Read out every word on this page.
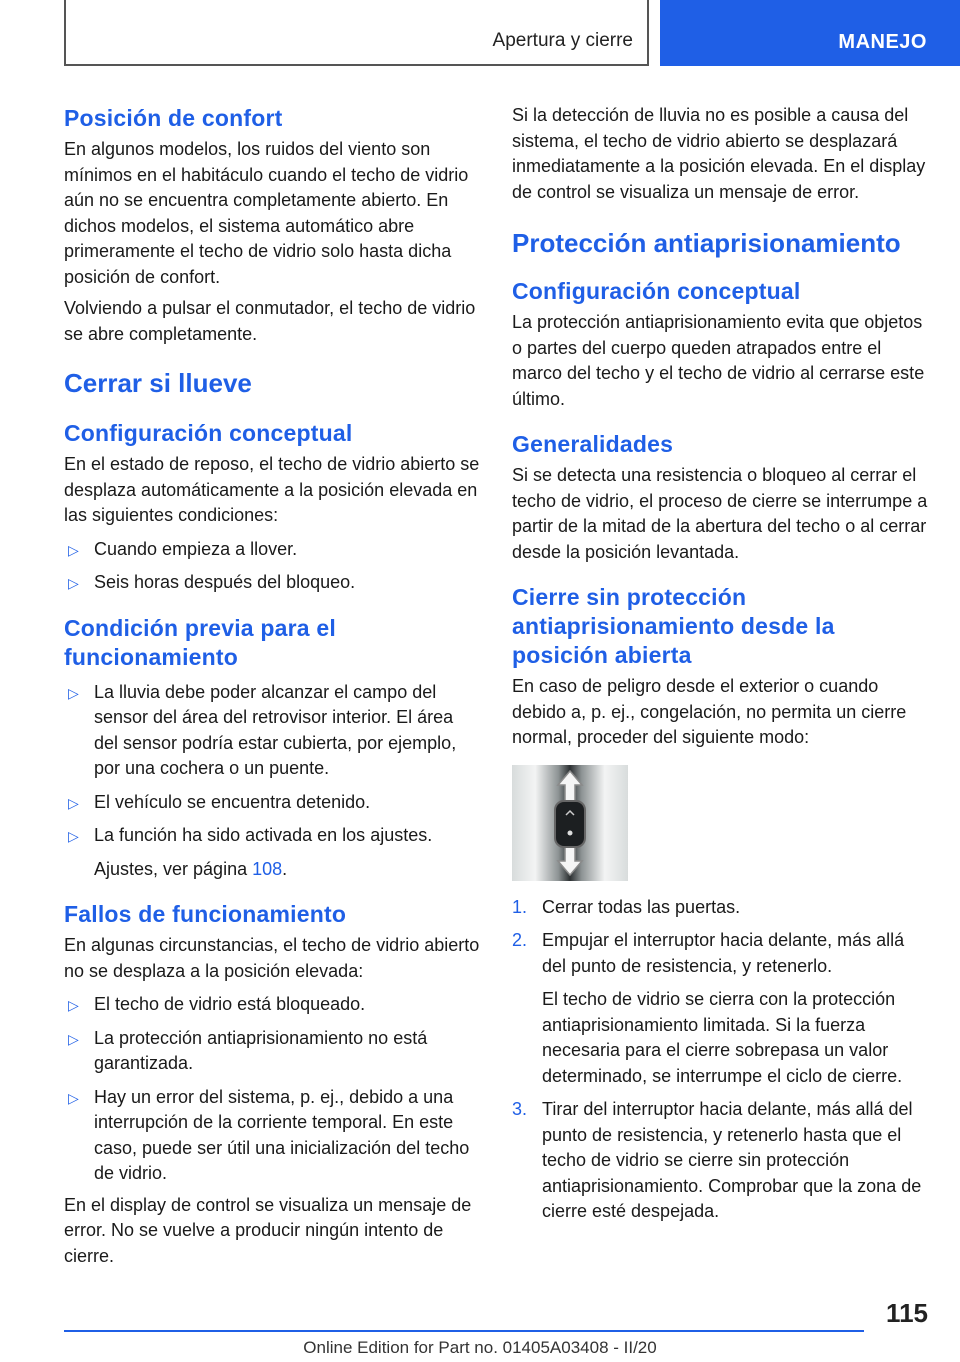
Apertura y cierre	MANEJO
Posición de confort

En algunos modelos, los ruidos del viento son mínimos en el habitáculo cuando el techo de vidrio aún no se encuentra completamente abierto. En dichos modelos, el sistema automático abre primeramente el techo de vidrio solo hasta dicha posición de confort.

Volviendo a pulsar el conmutador, el techo de vidrio se abre completamente.

Cerrar si llueve
Configuración conceptual

En el estado de reposo, el techo de vidrio abierto se desplaza automáticamente a la posición elevada en las siguientes condiciones:

▷ Cuando empieza a llover.
▷ Seis horas después del bloqueo.
Condición previa para el funcionamiento
▷ La lluvia debe poder alcanzar el campo del sensor del área del retrovisor interior. El área del sensor podría estar cubierta, por ejemplo, por una cochera o un puente.
▷ El vehículo se encuentra detenido.
▷ La función ha sido activada en los ajustes.

Ajustes, ver página 108.

Fallos de funcionamiento

En algunas circunstancias, el techo de vidrio abierto no se desplaza a la posición elevada:

▷ El techo de vidrio está bloqueado.
▷ La protección antiaprisionamiento no está garantizada.
▷ Hay un error del sistema, p. ej., debido a una interrupción de la corriente temporal. En este caso, puede ser útil una inicialización del techo de vidrio.

En el display de control se visualiza un mensaje de error. No se vuelve a producir ningún intento de cierre.

Si la detección de lluvia no es posible a causa del sistema, el techo de vidrio abierto se desplazará inmediatamente a la posición elevada. En el display de control se visualiza un mensaje de error.

Protección antiaprisionamiento
Configuración conceptual

La protección antiaprisionamiento evita que objetos o partes del cuerpo queden atrapados entre el marco del techo y el techo de vidrio al cerrarse este último.

Generalidades

Si se detecta una resistencia o bloqueo al cerrar el techo de vidrio, el proceso de cierre se interrumpe a partir de la mitad de la abertura del techo o al cerrar desde la posición levantada.

Cierre sin protección antiaprisionamiento desde la posición abierta

En caso de peligro desde el exterior o cuando debido a, p. ej., congelación, no permita un cierre normal, proceder del siguiente modo:

1. Cerrar todas las puertas.
2. Empujar el interruptor hacia delante, más allá del punto de resistencia, y retenerlo.
El techo de vidrio se cierra con la protección antiaprisionamiento limitada. Si la fuerza necesaria para el cierre sobrepasa un valor determinado, se interrumpe el ciclo de cierre.
3. Tirar del interruptor hacia delante, más allá del punto de resistencia, y retenerlo hasta que el techo de vidrio se cierre sin protección antiaprisionamiento. Comprobar que la zona de cierre esté despejada.
115
Online Edition for Part no. 01405A03408 - II/20
